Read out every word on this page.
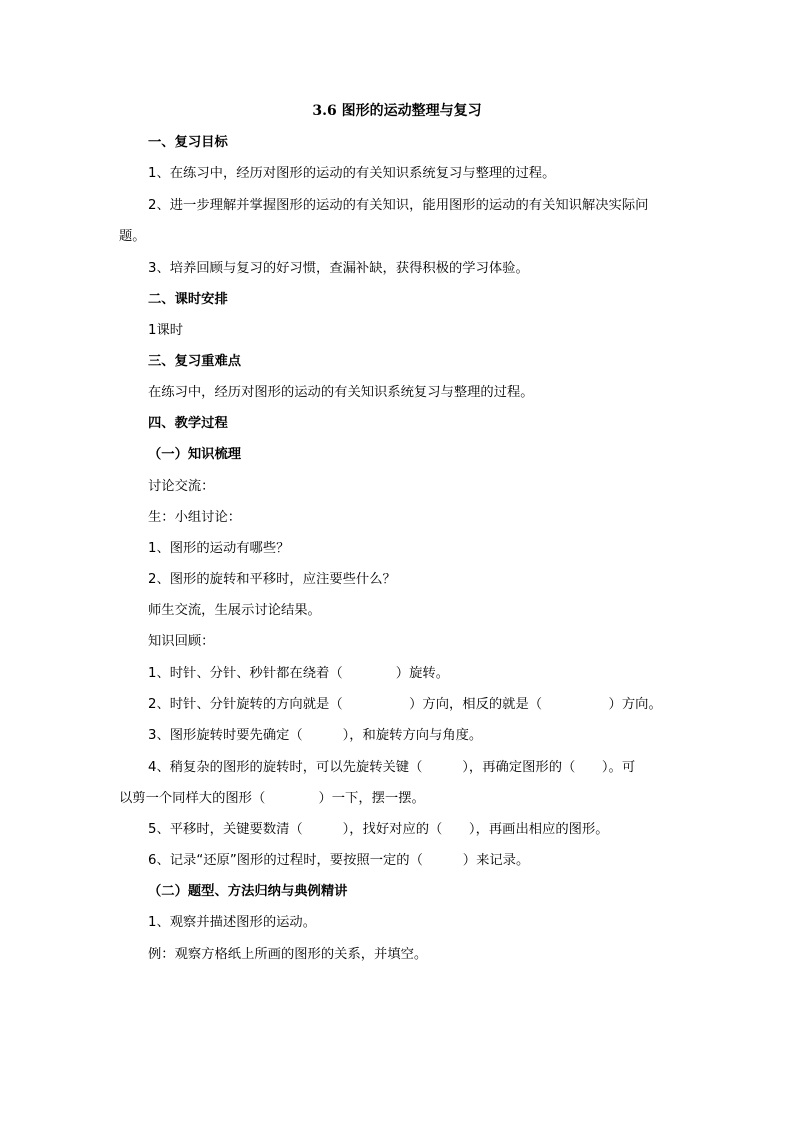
3.6 图形的运动整理与复习
一、复习目标
1、在练习中，经历对图形的运动的有关知识系统复习与整理的过程。
2、进一步理解并掌握图形的运动的有关知识，能用图形的运动的有关知识解决实际问
题。
3、培养回顾与复习的好习惯，查漏补缺，获得积极的学习体验。
二、课时安排
1课时
三、复习重难点
在练习中，经历对图形的运动的有关知识系统复习与整理的过程。
四、教学过程
（一）知识梳理
讨论交流：
生：小组讨论：
1、图形的运动有哪些？
2、图形的旋转和平移时，应注要些什么？
师生交流，生展示讨论结果。
知识回顾：
1、时针、分针、秒针都在绕着（　　　　）旋转。
2、时针、分针旋转的方向就是（　　　　　）方向，相反的就是（　　　　　）方向。
3、图形旋转时要先确定（　　　），和旋转方向与角度。
4、稍复杂的图形的旋转时，可以先旋转关键（　　　），再确定图形的（　　）。可
以剪一个同样大的图形（　　　　）一下，摆一摆。
5、平移时，关键要数清（　　　），找好对应的（　　），再画出相应的图形。
6、记录“还原”图形的过程时，要按照一定的（　　　）来记录。
（二）题型、方法归纳与典例精讲
1、观察并描述图形的运动。
例：观察方格纸上所画的图形的关系，并填空。
